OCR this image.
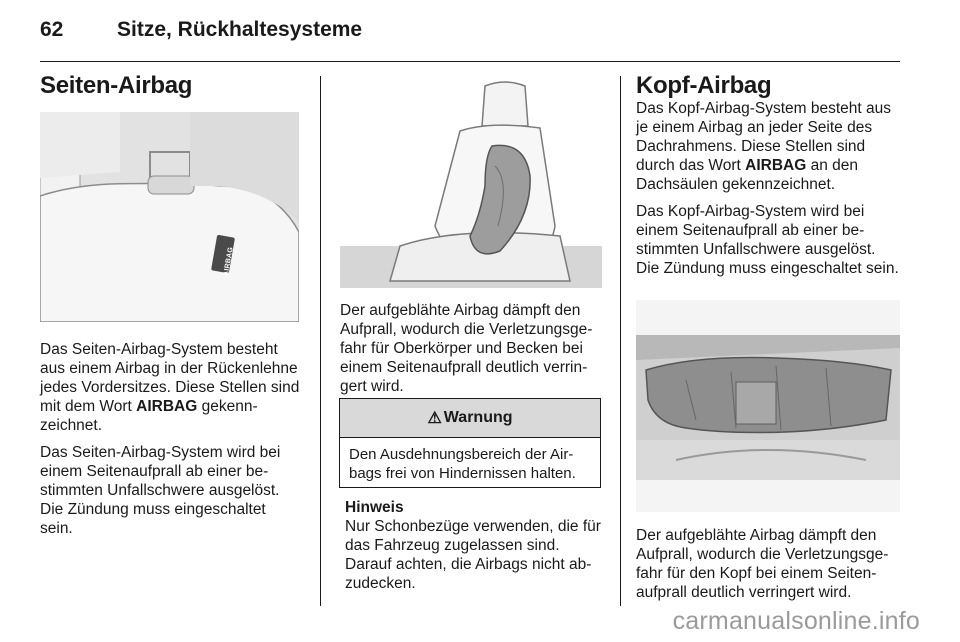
62	Sitze, Rückhaltesysteme
Seiten-Airbag
AIRBAG

Das Seiten-Airbag-System besteht aus einem Airbag in der Rückenlehne jedes Vordersitzes. Diese Stellen sind mit dem Wort AIRBAG gekenn-zeichnet.

Das Seiten-Airbag-System wird bei einem Seitenaufprall ab einer be-stimmten Unfallschwere ausgelöst. Die Zündung muss eingeschaltet sein.

Der aufgeblähte Airbag dämpft den Aufprall, wodurch die Verletzungsge-fahr für Oberkörper und Becken bei einem Seitenaufprall deutlich verrin-gert wird.

⚠ Warnung
Den Ausdehnungsbereich der Air-bags frei von Hindernissen halten.
Hinweis
Nur Schonbezüge verwenden, die für das Fahrzeug zugelassen sind. Darauf achten, die Airbags nicht ab-zudecken.
Kopf-Airbag

Das Kopf-Airbag-System besteht aus je einem Airbag an jeder Seite des Dachrahmens. Diese Stellen sind durch das Wort AIRBAG an den Dachsäulen gekennzeichnet.

Das Kopf-Airbag-System wird bei einem Seitenaufprall ab einer be-stimmten Unfallschwere ausgelöst. Die Zündung muss eingeschaltet sein.

Der aufgeblähte Airbag dämpft den Aufprall, wodurch die Verletzungsge-fahr für den Kopf bei einem Seiten-aufprall deutlich verringert wird.

carmanualsonline.info
